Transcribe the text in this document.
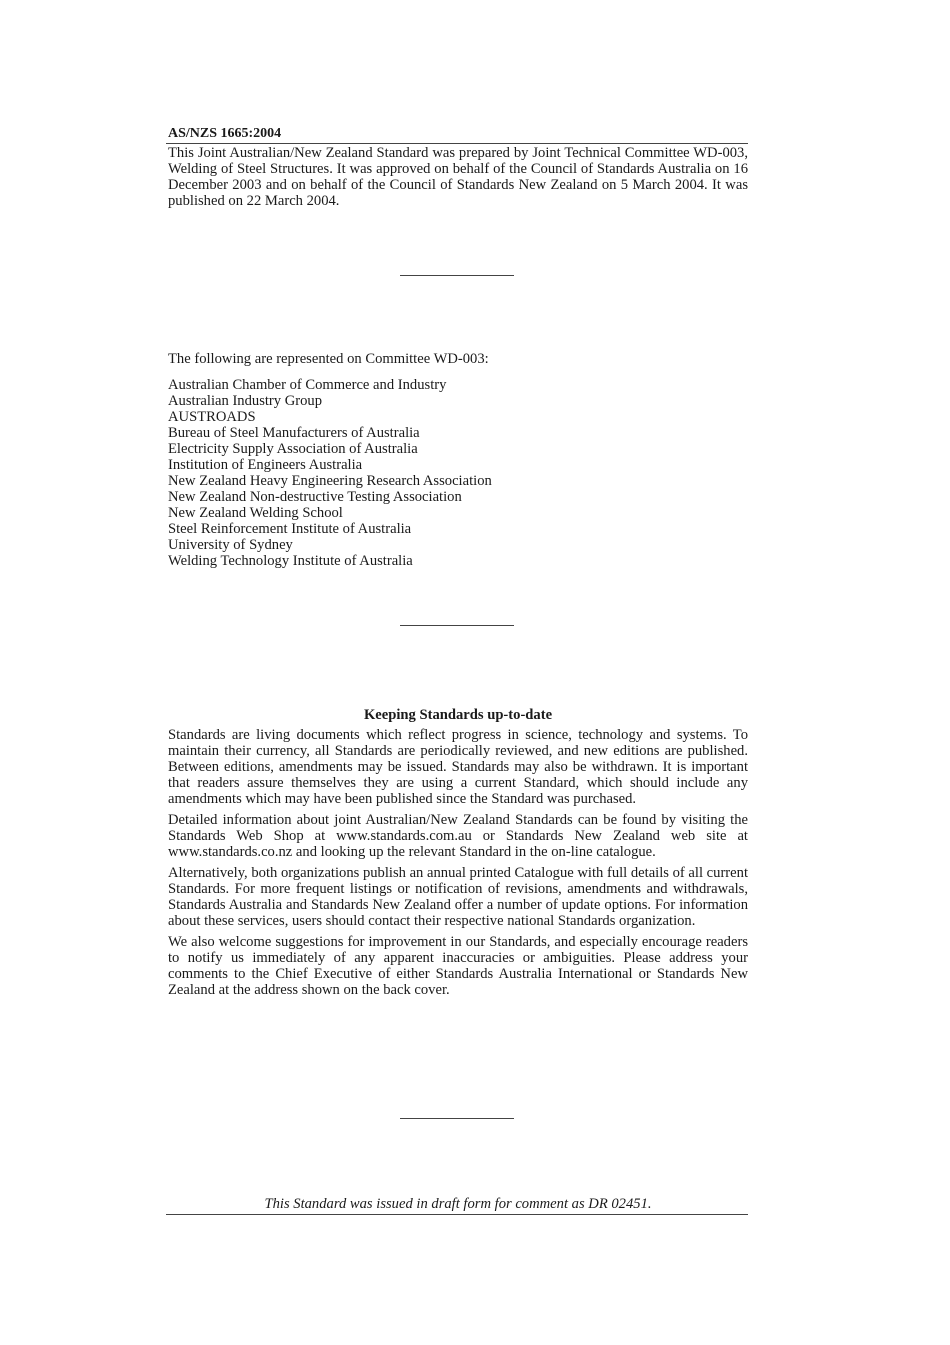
AS/NZS 1665:2004

This Joint Australian/New Zealand Standard was prepared by Joint Technical Committee WD-003, Welding of Steel Structures. It was approved on behalf of the Council of Standards Australia on 16 December 2003 and on behalf of the Council of Standards New Zealand on 5 March 2004. It was published on 22 March 2004.

The following are represented on Committee WD-003:

Australian Chamber of Commerce and Industry
Australian Industry Group
AUSTROADS
Bureau of Steel Manufacturers of Australia
Electricity Supply Association of Australia
Institution of Engineers Australia
New Zealand Heavy Engineering Research Association
New Zealand Non-destructive Testing Association
New Zealand Welding School
Steel Reinforcement Institute of Australia
University of Sydney
Welding Technology Institute of Australia

Keeping Standards up-to-date

Standards are living documents which reflect progress in science, technology and systems. To maintain their currency, all Standards are periodically reviewed, and new editions are published. Between editions, amendments may be issued. Standards may also be withdrawn. It is important that readers assure themselves they are using a current Standard, which should include any amendments which may have been published since the Standard was purchased.

Detailed information about joint Australian/New Zealand Standards can be found by visiting the Standards Web Shop at www.standards.com.au or Standards New Zealand web site at www.standards.co.nz and looking up the relevant Standard in the on-line catalogue.

Alternatively, both organizations publish an annual printed Catalogue with full details of all current Standards. For more frequent listings or notification of revisions, amendments and withdrawals, Standards Australia and Standards New Zealand offer a number of update options. For information about these services, users should contact their respective national Standards organization.

We also welcome suggestions for improvement in our Standards, and especially encourage readers to notify us immediately of any apparent inaccuracies or ambiguities. Please address your comments to the Chief Executive of either Standards Australia International or Standards New Zealand at the address shown on the back cover.

This Standard was issued in draft form for comment as DR 02451.
